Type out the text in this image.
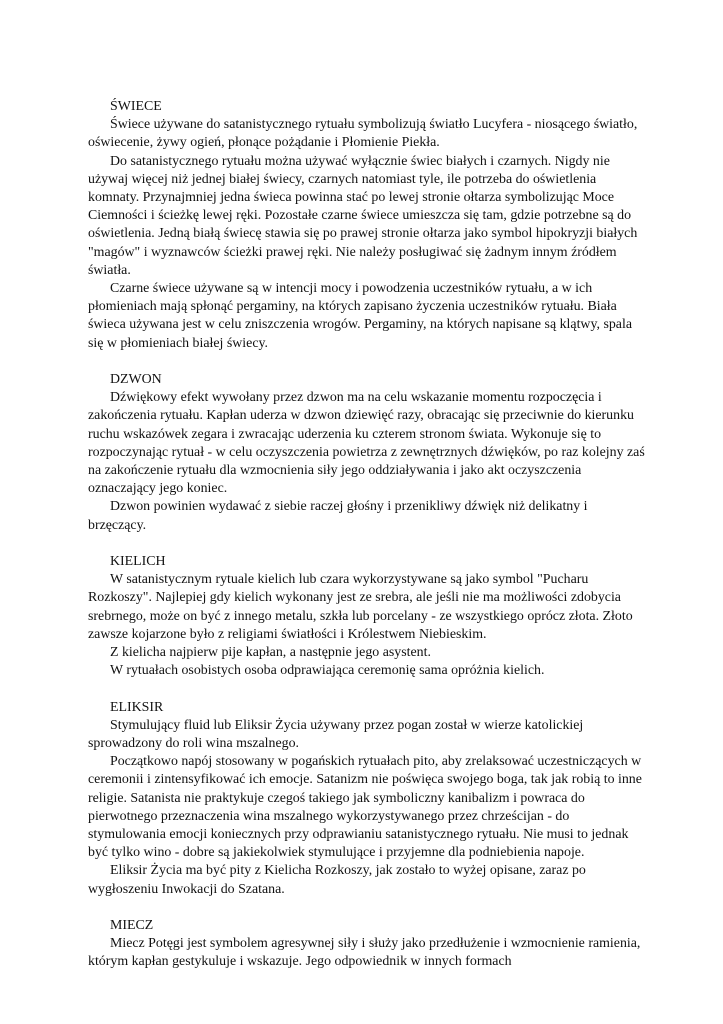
ŚWIECE

Świece używane do satanistycznego rytuału symbolizują światło Lucyfera - niosącego światło, oświecenie, żywy ogień, płonące pożądanie i Płomienie Piekła.

Do satanistycznego rytuału można używać wyłącznie świec białych i czarnych. Nigdy nie używaj więcej niż jednej białej świecy, czarnych natomiast tyle, ile potrzeba do oświetlenia komnaty. Przynajmniej jedna świeca powinna stać po lewej stronie ołtarza symbolizując Moce Ciemności i ścieżkę lewej ręki. Pozostałe czarne świece umieszcza się tam, gdzie potrzebne są do oświetlenia. Jedną białą świecę stawia się po prawej stronie ołtarza jako symbol hipokryzji białych "magów" i wyznawców ścieżki prawej ręki. Nie należy posługiwać się żadnym innym źródłem światła.

Czarne świece używane są w intencji mocy i powodzenia uczestników rytuału, a w ich płomieniach mają spłonąć pergaminy, na których zapisano życzenia uczestników rytuału. Biała świeca używana jest w celu zniszczenia wrogów. Pergaminy, na których napisane są klątwy, spala się w płomieniach białej świecy.

DZWON

Dźwiękowy efekt wywołany przez dzwon ma na celu wskazanie momentu rozpoczęcia i zakończenia rytuału. Kapłan uderza w dzwon dziewięć razy, obracając się przeciwnie do kierunku ruchu wskazówek zegara i zwracając uderzenia ku czterem stronom świata. Wykonuje się to rozpoczynając rytuał - w celu oczyszczenia powietrza z zewnętrznych dźwięków, po raz kolejny zaś na zakończenie rytuału dla wzmocnienia siły jego oddziaływania i jako akt oczyszczenia oznaczający jego koniec.

Dzwon powinien wydawać z siebie raczej głośny i przenikliwy dźwięk niż delikatny i brzęczący.

KIELICH

W satanistycznym rytuale kielich lub czara wykorzystywane są jako symbol "Pucharu Rozkoszy". Najlepiej gdy kielich wykonany jest ze srebra, ale jeśli nie ma możliwości zdobycia srebrnego, może on być z innego metalu, szkła lub porcelany - ze wszystkiego oprócz złota. Złoto zawsze kojarzone było z religiami światłości i Królestwem Niebieskim.

Z kielicha najpierw pije kapłan, a następnie jego asystent.

W rytuałach osobistych osoba odprawiająca ceremonię sama opróżnia kielich.

ELIKSIR

Stymulujący fluid lub Eliksir Życia używany przez pogan został w wierze katolickiej sprowadzony do roli wina mszalnego.

Początkowo napój stosowany w pogańskich rytuałach pito, aby zrelaksować uczestniczących w ceremonii i zintensyfikować ich emocje. Satanizm nie poświęca swojego boga, tak jak robią to inne religie. Satanista nie praktykuje czegoś takiego jak symboliczny kanibalizm i powraca do pierwotnego przeznaczenia wina mszalnego wykorzystywanego przez chrześcijan - do stymulowania emocji koniecznych przy odprawianiu satanistycznego rytuału. Nie musi to jednak być tylko wino - dobre są jakiekolwiek stymulujące i przyjemne dla podniebienia napoje.

Eliksir Życia ma być pity z Kielicha Rozkoszy, jak zostało to wyżej opisane, zaraz po wygłoszeniu Inwokacji do Szatana.

MIECZ

Miecz Potęgi jest symbolem agresywnej siły i służy jako przedłużenie i wzmocnienie ramienia, którym kapłan gestykuluje i wskazuje. Jego odpowiednik w innych formach
